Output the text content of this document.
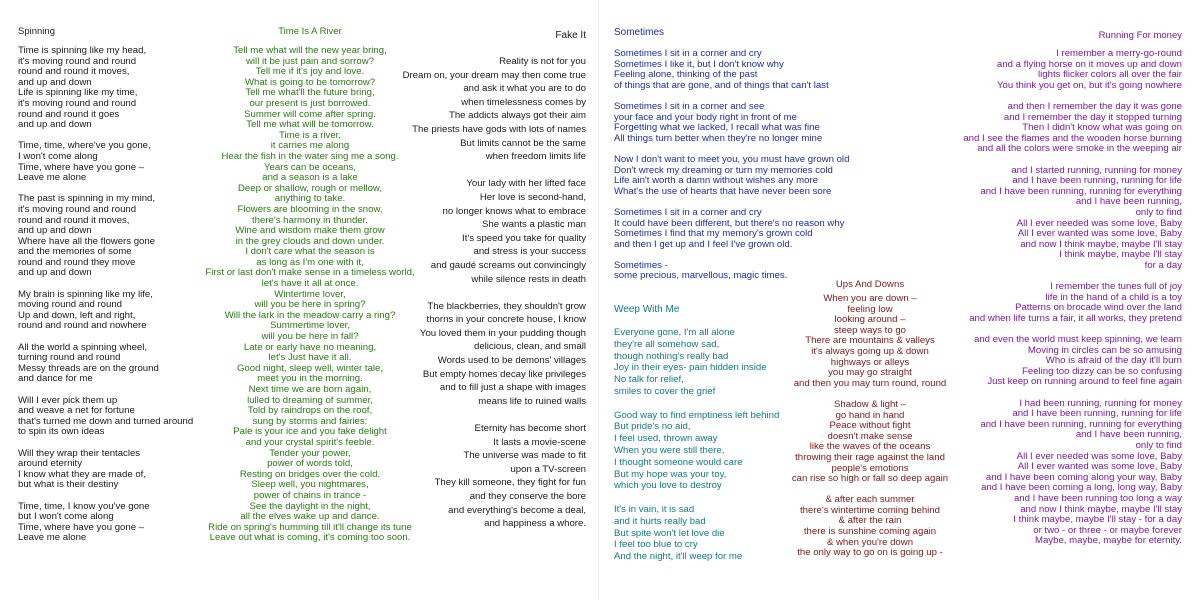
Spinning
Time is spinning like my head,
it's moving round and round
round and round it moves,
and up and down
Life is spinning like my time,
it's moving round and round
round and round it goes
and up and down
Time, time, where've you gone,
I won't come along
Time, where have you gone –
Leave me alone
The past is spinning in my mind,
it's moving round and round
round and round it moves,
and up and down
Where have all the flowers gone
and the memories of some
round and round they move
and up and down
My brain is spinning like my life,
moving round and round
Up and down, left and right,
round and round and nowhere
All the world a spinning wheel,
turning round and round
Messy threads are on the ground
and dance for me
Will I ever pick them up
and weave a net for fortune
that's turned me down and turned around
to spin its own ideas
Will they wrap their tentacles
around eternity
I know what they are made of,
but what is their destiny
Time, time, I know you've gone
but I won't come along
Time, where have you gone –
Leave me alone
Time Is A River
Tell me what will the new year bring,
will it be just pain and sorrow?
Tell me if it's joy and love.
What is going to be tomorrow?
Tell me what'll the future bring,
our present is just borrowed.
Summer will come after spring.
Tell me what will be tomorrow.
Time is a river,
it carries me along
Hear the fish in the water sing me a song.
Years can be oceans,
and a season is a lake
Deep or shallow, rough or mellow,
anything to take.
Flowers are blooming in the snow,
there's harmony in thunder.
Wine and wisdom make them grow
in the grey clouds and down under.
I don't care what the season is
as long as I'm one with it,
First or last don't make sense in a timeless world,
let's have it all at once.
Wintertime lover,
will you be here in spring?
Will the lark in the meadow carry a ring?
Summertime lover,
will you be here in fall?
Late or early have no meaning,
let's Just have it all.
Good night, sleep well, winter tale,
meet you in the morning.
Next time we are born again,
lulled to dreaming of summer,
Told by raindrops on the roof,
sung by storms and fairies:
Pale is your ice and you fake delight
and your crystal spirit's feeble.
Tender your power,
power of words told,
Resting on bridges over the cold.
Sleep well, you nightmares,
power of chains in trance -
See the daylight in the night,
all the elves wake up and dance.
Ride on spring's humming till it'll change its tune
Leave out what is coming, it's coming too soon.
Fake It
Reality is not for you
Dream on, your dream may then come true
and ask it what you are to do
when timelessness comes by
The addicts always got their aim
The priests have gods with lots of names
But limits cannot be the same
when freedom limits life
Your lady with her lifted face
Her love is second-hand,
no longer knows what to embrace
She wants a plastic man
It's speed you take for quality
and stress is your success
and gaudé screams out convincingly
while silence rests in death
The blackberries, they shouldn't grow
thorns in your concrete house, I know
You loved them in your pudding though
delicious, clean, and small
Words used to be demons' villages
But empty homes decay like privileges
and to fill just a shape with images
means life to ruined walls
Eternity has become short
It lasts a movie-scene
The universe was made to fit
upon a TV-screen
They kill someone, they fight for fun
and they conserve the bore
and everything's become a deal,
and happiness a whore.
Sometimes
Sometimes I sit in a corner and cry
Sometimes I like it, but I don't know why
Feeling alone, thinking of the past
of things that are gone, and of things that can't last
Sometimes I sit in a corner and see
your face and your body right in front of me
Forgetting what we lacked, I recall what was fine
All things turn better when they're no longer mine
Now I don't want to meet you, you must have grown old
Don't wreck my dreaming or turn my memories cold
Life ain't worth a damn without wishes any more
What's the use of hearts that have never been sore
Sometimes I sit in a corner and cry
It could have been different, but there's no reason why
Sometimes I find that my memory's grown cold
and then I get up and I feel I've grown old.
Sometimes -
some precious, marvellous, magic times.
Weep With Me
Everyone gone, I'm all alone
they're all somehow sad,
though nothing's really bad
Joy in their eyes- pain hidden inside
No talk for relief,
smiles to cover the grief
Good way to find emptiness left behind
But pride's no aid,
I feel used, thrown away
When you were still there,
I thought someone would care
But my hope was your toy,
which you love to destroy
It's in vain, it is sad
and it hurts really bad
But spite won't let love die
I feel too blue to cry
And the night, it'll weep for me
Ups And Downs
When you are down –
feeling low
looking around –
steep ways to go
There are mountains & valleys
it's always going up & down
highways or alleys
you may go straight
and then you may turn round, round
Shadow & light –
go hand in hand
Peace without fight
doesn't make sense
like the waves of the oceans
throwing their rage against the land
people's emotions
can rise so high or fall so deep again
& after each summer
there's wintertime coming behind
& after the rain
there is sunshine coming again
& when you're down
the only way to go on is going up -
Running For money
I remember a merry-go-round
and a flying horse on it moves up and down
lights flicker colors all over the fair
You think you get on, but it's going nowhere
and then I remember the day it was gone
and I remember the day it stopped turning
Then I didn't know what was going on
and I see the flames and the wooden horse burning
and all the colors were smoke in the weeping air
and I started running, running for money
and I have been running, running for life
and I have been running, running for everything
and I have been running,
only to find
All I ever needed was some love, Baby
All I ever wanted was some love, Baby
and now I think maybe, maybe I'll stay
I think maybe, maybe I'll stay
for a day
I remember the tunes full of joy
life in the hand of a child is a toy
Patterns on brocade wind over the land
and when life turns a fair, it all works, they pretend
and even the world must keep spinning, we learn
Moving in circles can be so amusing
Who is afraid of the day it'll burn
Feeling too dizzy can be so confusing
Just keep on running around to feel fine again
I had been running, running for money
and I have been running, running for life
and I have been running, running for everything
and I have been running,
only to find
All I ever needed was some love, Baby
All I ever wanted was some love, Baby
and I have been coming along your way, Baby
and I have been coming a long, long way, Baby
and I have been running too long a way
and now I think maybe, maybe I'll stay
I think maybe, maybe I'll stay - for a day
or two - or three - or maybe forever
Maybe, maybe, maybe for eternity.
